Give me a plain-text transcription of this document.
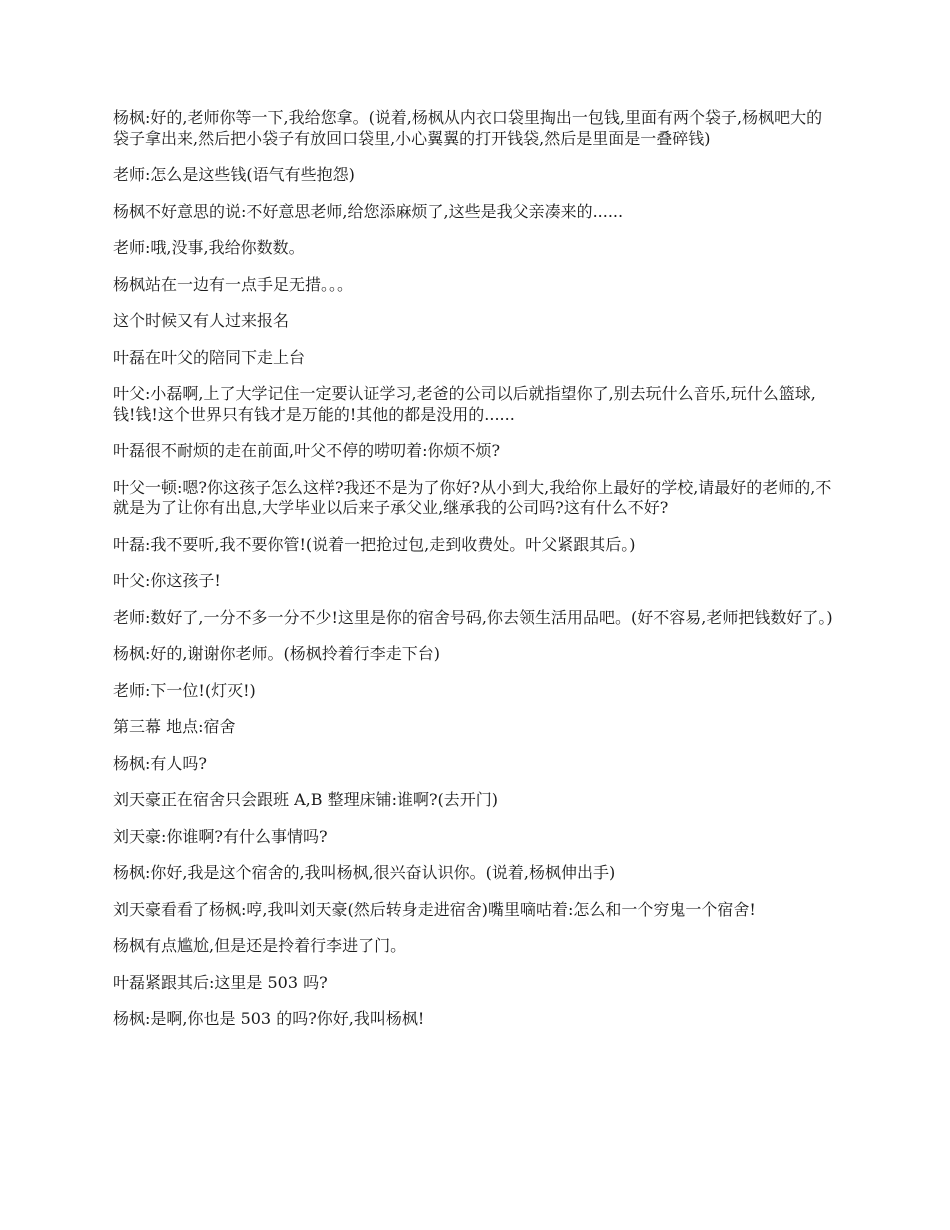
杨枫:好的,老师你等一下,我给您拿。(说着,杨枫从内衣口袋里掏出一包钱,里面有两个袋子,杨枫吧大的袋子拿出来,然后把小袋子有放回口袋里,小心翼翼的打开钱袋,然后是里面是一叠碎钱)

老师:怎么是这些钱(语气有些抱怨)

杨枫不好意思的说:不好意思老师,给您添麻烦了,这些是我父亲凑来的......

老师:哦,没事,我给你数数。

杨枫站在一边有一点手足无措。。。

这个时候又有人过来报名

叶磊在叶父的陪同下走上台

叶父:小磊啊,上了大学记住一定要认证学习,老爸的公司以后就指望你了,别去玩什么音乐,玩什么篮球,钱!钱!这个世界只有钱才是万能的!其他的都是没用的......

叶磊很不耐烦的走在前面,叶父不停的唠叨着:你烦不烦?

叶父一顿:嗯?你这孩子怎么这样?我还不是为了你好?从小到大,我给你上最好的学校,请最好的老师的,不就是为了让你有出息,大学毕业以后来子承父业,继承我的公司吗?这有什么不好?

叶磊:我不要听,我不要你管!(说着一把抢过包,走到收费处。叶父紧跟其后。)

叶父:你这孩子!

老师:数好了,一分不多一分不少!这里是你的宿舍号码,你去领生活用品吧。(好不容易,老师把钱数好了。)

杨枫:好的,谢谢你老师。(杨枫拎着行李走下台)

老师:下一位!(灯灭!)

第三幕 地点:宿舍

杨枫:有人吗?

刘天豪正在宿舍只会跟班 A,B 整理床铺:谁啊?(去开门)

刘天豪:你谁啊?有什么事情吗?

杨枫:你好,我是这个宿舍的,我叫杨枫,很兴奋认识你。(说着,杨枫伸出手)

刘天豪看看了杨枫:哼,我叫刘天豪(然后转身走进宿舍)嘴里嘀咕着:怎么和一个穷鬼一个宿舍!

杨枫有点尴尬,但是还是拎着行李进了门。

叶磊紧跟其后:这里是 503 吗?

杨枫:是啊,你也是 503 的吗?你好,我叫杨枫!
